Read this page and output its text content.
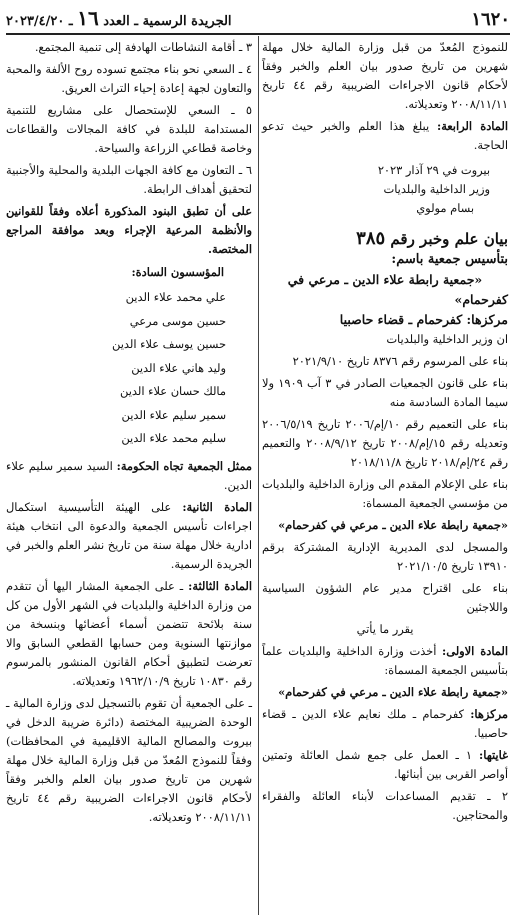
١٦٢٠
الجريدة الرسمية ـ العدد ١٦ ـ ٢٠٢٣/٤/٢٠

للنموذج المُعدّ من قبل وزارة المالية خلال مهلة شهرين من تاريخ صدور بيان العلم والخبر وفقاً لأحكام قانون الاجراءات الضريبية رقم ٤٤ تاريخ ٢٠٠٨/١١/١١ وتعديلاته.

المادة الرابعة: يبلغ هذا العلم والخبر حيث تدعو الحاجة.

بيروت في ٢٩ آذار ٢٠٢٣
وزير الداخلية والبلديات
بسام مولوي
بيان علم وخبر رقم ٣٨٥
بتأسيس جمعية باسم:
«جمعية رابطة علاء الدين ـ مرعي في كفرحمام»
مركزها: كفرحمام ـ قضاء حاصبيا

ان وزير الداخلية والبلديات

بناء على المرسوم رقم ٨٣٧٦ تاريخ ٢٠٢١/٩/١٠

بناء على قانون الجمعيات الصادر في ٣ آب ١٩٠٩ ولا سيما المادة السادسة منه

بناء على التعميم رقم ١٠/إم/٢٠٠٦ تاريخ ٢٠٠٦/٥/١٩ وتعديله رقم ١٥/إم/٢٠٠٨ تاريخ ٢٠٠٨/٩/١٢ والتعميم رقم ٢٤/إم/٢٠١٨ تاريخ ٢٠١٨/١١/٨

بناء على الإعلام المقدم الى وزارة الداخلية والبلديات من مؤسسي الجمعية المسماة:

«جمعية رابطة علاء الدين ـ مرعي في كفرحمام»

والمسجل لدى المديرية الإدارية المشتركة برقم ١٣٩١٠ تاريخ ٢٠٢١/١٠/٥

بناء على اقتراح مدير عام الشؤون السياسية واللاجئين

يقرر ما يأتي

المادة الاولى: أخذت وزارة الداخلية والبلديات علماً بتأسيس الجمعية المسماة:

«جمعية رابطة علاء الدين ـ مرعي في كفرحمام»

مركزها: كفرحمام ـ ملك نعايم علاء الدين ـ قضاء حاصبيا.

غايتها: ١ ـ العمل على جمع شمل العائلة وتمتين أواصر القربى بين أبنائها.

٢ ـ تقديم المساعدات لأبناء العائلة والفقراء والمحتاجين.

٣ ـ أقامة النشاطات الهادفة إلى تنمية المجتمع.

٤ ـ السعي نحو بناء مجتمع تسوده روح الألفة والمحبة والتعاون لجهة إعادة إحياء التراث العريق.

٥ ـ السعي للإستحصال على مشاريع للتنمية المستدامة للبلدة في كافة المجالات والقطاعات وخاصة قطاعي الزراعة والسياحة.

٦ ـ التعاون مع كافة الجهات البلدية والمحلية والأجنبية لتحقيق أهداف الرابطة.

على أن تطبق البنود المذكورة أعلاه وفقاً للقوانين والأنظمة المرعية الإجراء وبعد موافقة المراجع المختصة.

المؤسسون السادة:

علي محمد علاء الدين
حسين موسى مرعي
حسين يوسف علاء الدين
وليد هاني علاء الدين
مالك حسان علاء الدين
سمير سليم علاء الدين
سليم محمد علاء الدين

ممثل الجمعية تجاه الحكومة: السيد سمير سليم علاء الدين.

المادة الثانية: على الهيئة التأسيسية استكمال اجراءات تأسيس الجمعية والدعوة الى انتخاب هيئة ادارية خلال مهلة سنة من تاريخ نشر العلم والخبر في الجريدة الرسمية.

المادة الثالثة: ـ على الجمعية المشار اليها أن تتقدم من وزارة الداخلية والبلديات في الشهر الأول من كل سنة بلائحة تتضمن أسماء أعضائها وبنسخة من موازنتها السنوية ومن حسابها القطعي السابق والا تعرضت لتطبيق أحكام القانون المنشور بالمرسوم رقم ١٠٨٣٠ تاريخ ١٩٦٢/١٠/٩ وتعديلاته.

ـ على الجمعية أن تقوم بالتسجيل لدى وزارة المالية ـ الوحدة الضريبية المختصة (دائرة ضريبة الدخل في بيروت والمصالح المالية الاقليمية في المحافظات) وفقاً للنموذج المُعدّ من قبل وزارة المالية خلال مهلة شهرين من تاريخ صدور بيان العلم والخبر وفقاً لأحكام قانون الاجراءات الضريبية رقم ٤٤ تاريخ ٢٠٠٨/١١/١١ وتعديلاته.
